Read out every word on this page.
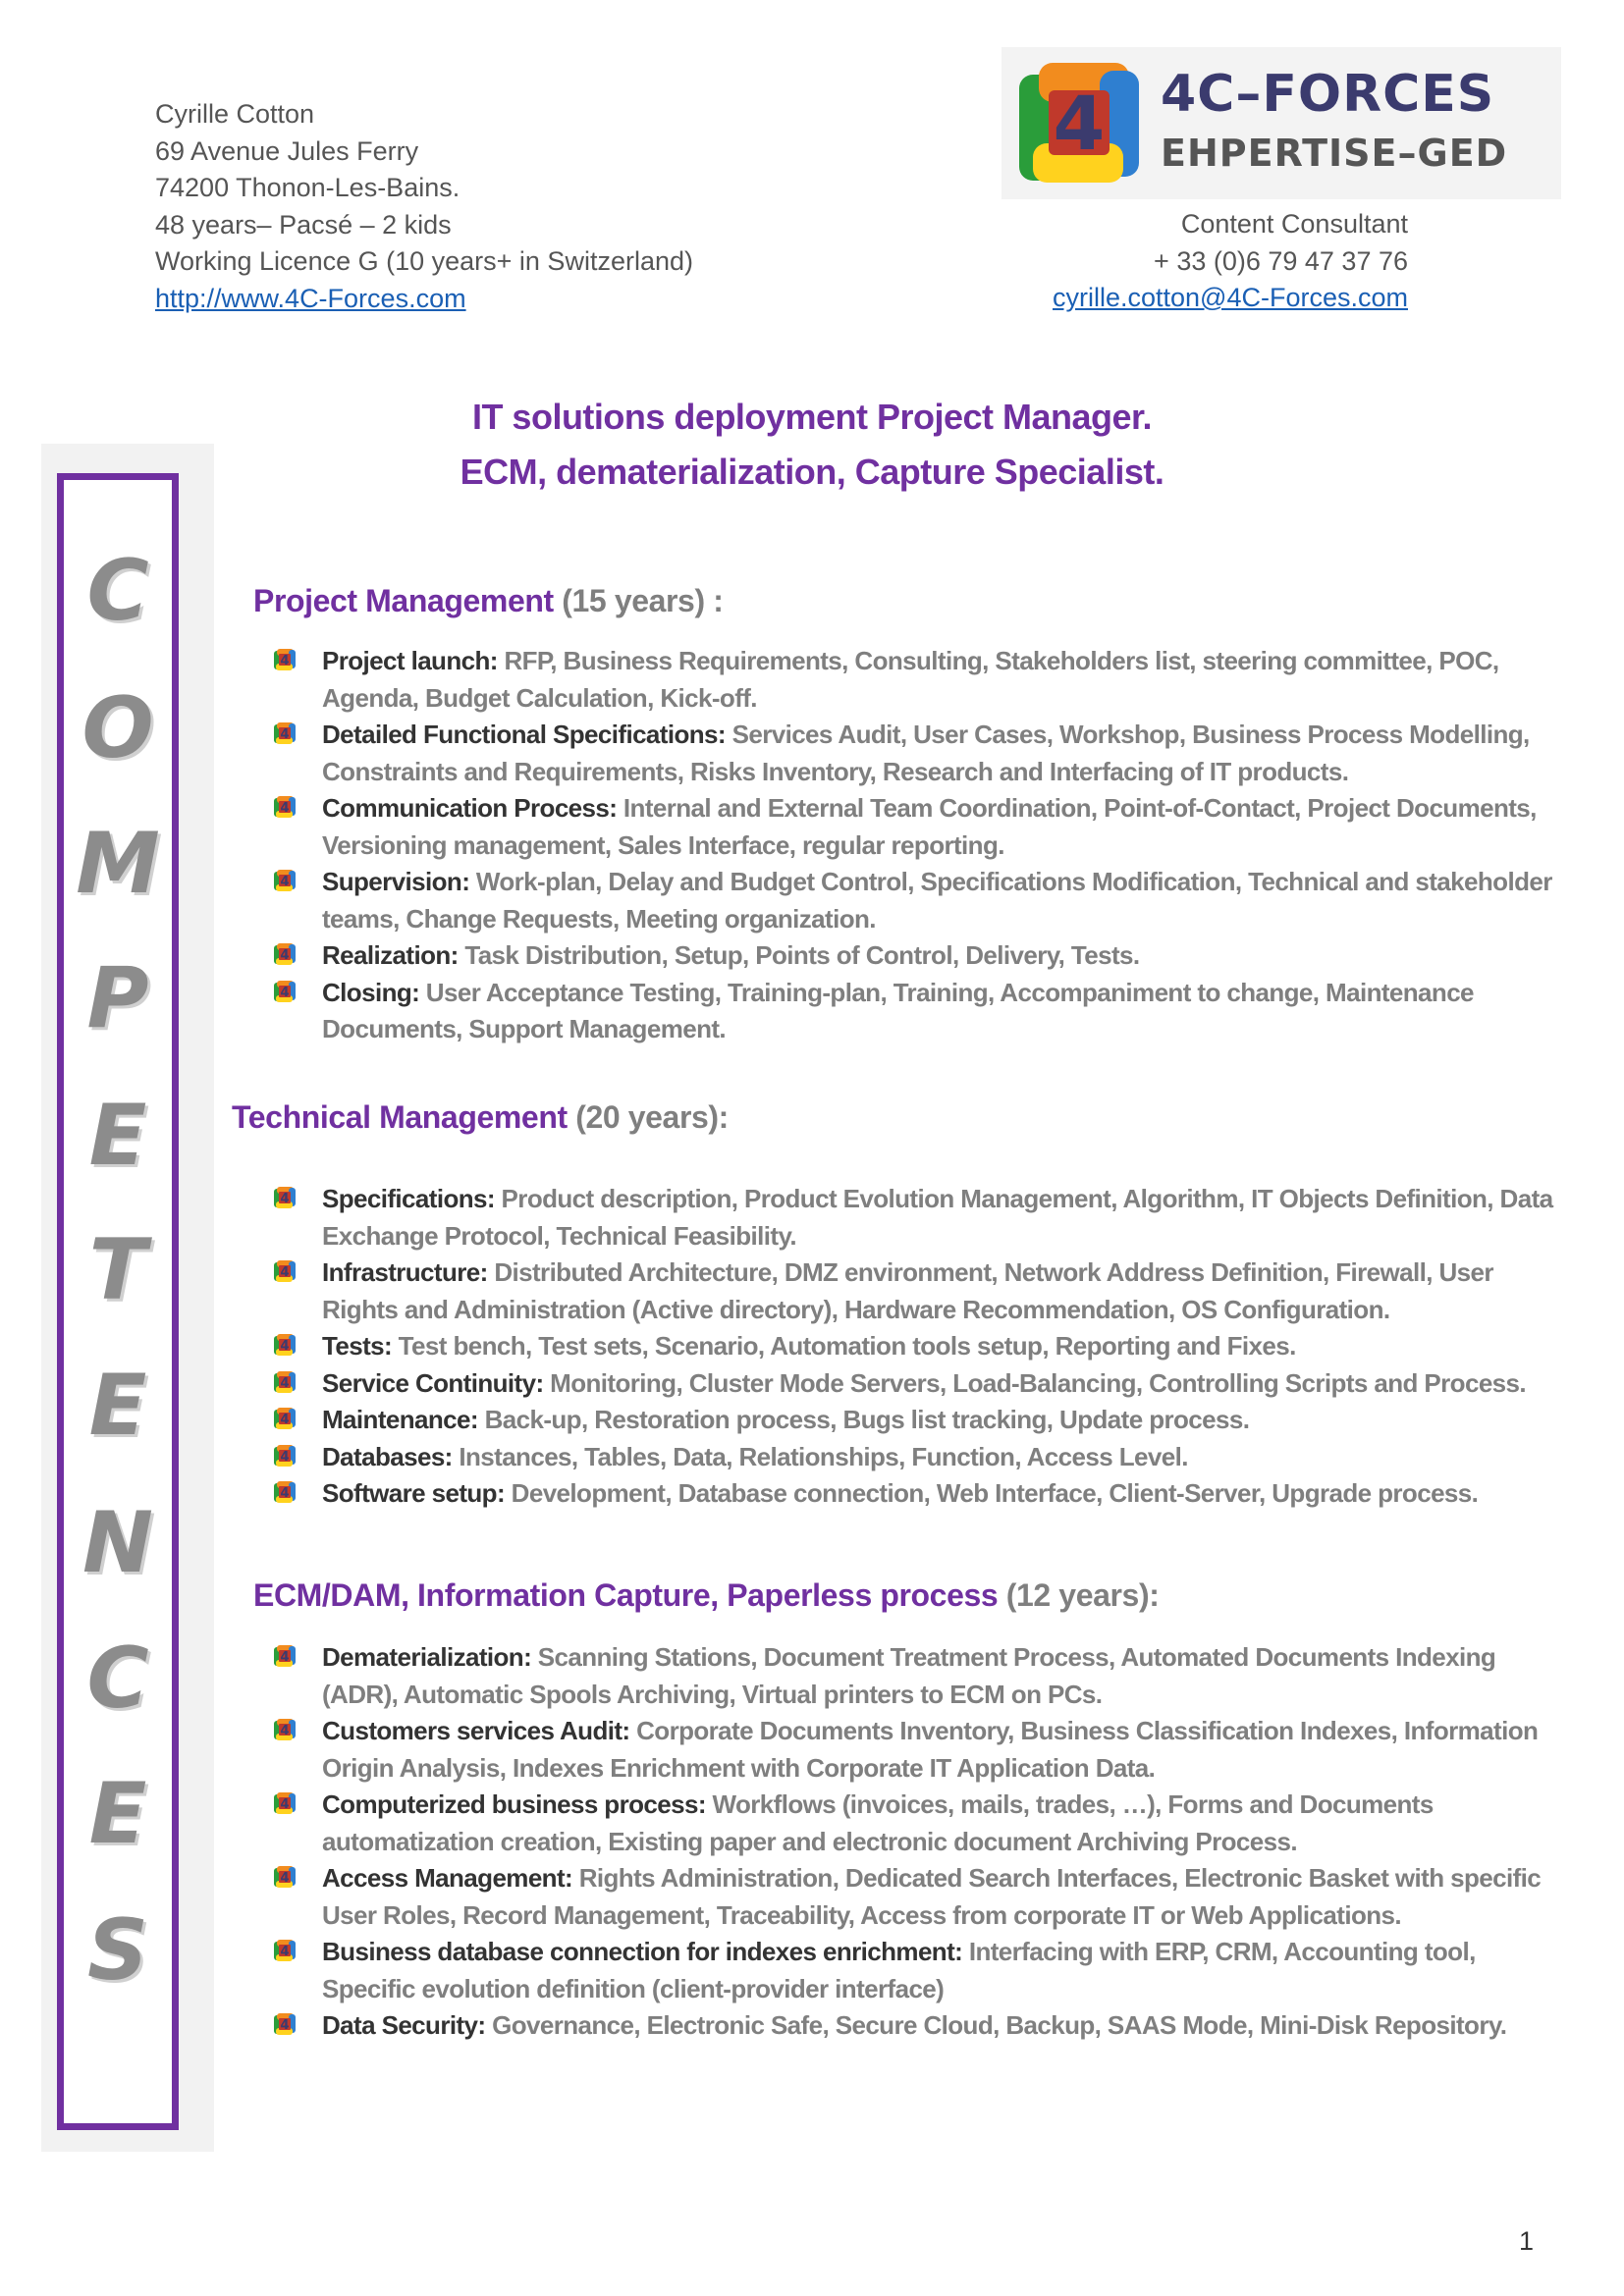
Cyrille Cotton
69 Avenue Jules Ferry
74200 Thonon-Les-Bains.
48 years– Pacsé – 2 kids
Working Licence G (10 years+ in Switzerland)
http://www.4C-Forces.com
Content Consultant
+ 33 (0)6 79 47 37 76
cyrille.cotton@4C-Forces.com
4 4C–FORCES
EHPERTISE–GED
IT solutions deployment Project Manager.
ECM, dematerialization, Capture Specialist.
C
O
M
P
E
T
E
N
C
E
S
Project Management (15 years) :
Technical Management (20 years):
ECM/DAM, Information Capture, Paperless process (12 years):
1
4 Project launch: RFP, Business Requirements, Consulting, Stakeholders list, steering committee, POC, Agenda, Budget Calculation, Kick-off.
4 Detailed Functional Specifications: Services Audit, User Cases, Workshop, Business Process Modelling, Constraints and Requirements, Risks Inventory, Research and Interfacing of IT products.
4 Communication Process: Internal and External Team Coordination, Point-of-Contact, Project Documents, Versioning management, Sales Interface, regular reporting.
4 Supervision: Work-plan, Delay and Budget Control, Specifications Modification, Technical and stakeholder teams, Change Requests, Meeting organization.
4 Realization: Task Distribution, Setup, Points of Control, Delivery, Tests.
4 Closing: User Acceptance Testing, Training-plan, Training, Accompaniment to change, Maintenance Documents, Support Management.
4 Specifications: Product description, Product Evolution Management, Algorithm, IT Objects Definition, Data Exchange Protocol, Technical Feasibility.
4 Infrastructure: Distributed Architecture, DMZ environment, Network Address Definition, Firewall, User Rights and Administration (Active directory), Hardware Recommendation, OS Configuration.
4 Tests: Test bench, Test sets, Scenario, Automation tools setup, Reporting and Fixes.
4 Service Continuity: Monitoring, Cluster Mode Servers, Load-Balancing, Controlling Scripts and Process.
4 Maintenance: Back-up, Restoration process, Bugs list tracking, Update process.
4 Databases: Instances, Tables, Data, Relationships, Function, Access Level.
4 Software setup: Development, Database connection, Web Interface, Client-Server, Upgrade process.
4 Dematerialization: Scanning Stations, Document Treatment Process, Automated Documents Indexing (ADR), Automatic Spools Archiving, Virtual printers to ECM on PCs.
4 Customers services Audit: Corporate Documents Inventory, Business Classification Indexes, Information Origin Analysis, Indexes Enrichment with Corporate IT Application Data.
4 Computerized business process: Workflows (invoices, mails, trades, …), Forms and Documents automatization creation, Existing paper and electronic document Archiving Process.
4 Access Management: Rights Administration, Dedicated Search Interfaces, Electronic Basket with specific User Roles, Record Management, Traceability, Access from corporate IT or Web Applications.
4 Business database connection for indexes enrichment: Interfacing with ERP, CRM, Accounting tool, Specific evolution definition (client-provider interface)
4 Data Security: Governance, Electronic Safe, Secure Cloud, Backup, SAAS Mode, Mini-Disk Repository.
